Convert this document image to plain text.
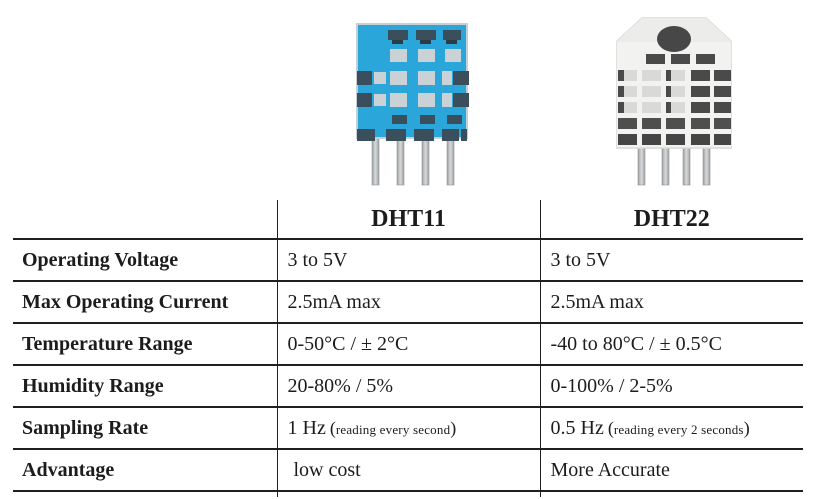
	DHT11	DHT22
Operating Voltage	3 to 5V	3 to 5V
Max Operating Current	2.5mA max	2.5mA max
Temperature Range	0-50°C / ± 2°C	-40 to 80°C / ± 0.5°C
Humidity Range	20-80% / 5%	0-100% / 2-5%
Sampling Rate	1 Hz (reading every second)	0.5 Hz (reading every 2 seconds)
Advantage	low cost	More Accurate
